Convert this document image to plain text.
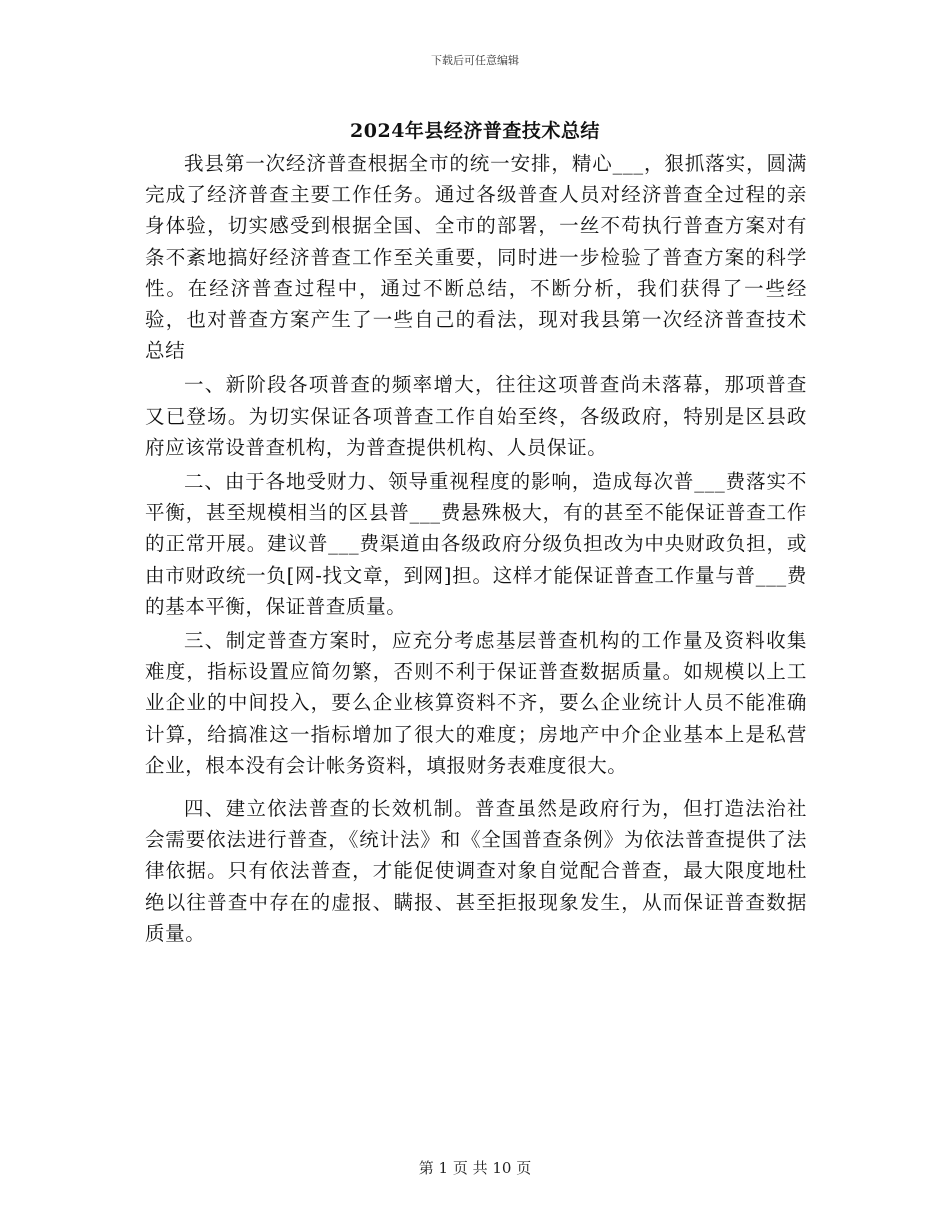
下载后可任意编辑
2024年县经济普查技术总结

我县第一次经济普查根据全市的统一安排，精心___，狠抓落实，圆满完成了经济普查主要工作任务。通过各级普查人员对经济普查全过程的亲身体验，切实感受到根据全国、全市的部署，一丝不苟执行普查方案对有条不紊地搞好经济普查工作至关重要，同时进一步检验了普查方案的科学性。在经济普查过程中，通过不断总结，不断分析，我们获得了一些经验，也对普查方案产生了一些自己的看法，现对我县第一次经济普查技术总结

一、新阶段各项普查的频率增大，往往这项普查尚未落幕，那项普查又已登场。为切实保证各项普查工作自始至终，各级政府，特别是区县政府应该常设普查机构，为普查提供机构、人员保证。

二、由于各地受财力、领导重视程度的影响，造成每次普___费落实不平衡，甚至规模相当的区县普___费悬殊极大，有的甚至不能保证普查工作的正常开展。建议普___费渠道由各级政府分级负担改为中央财政负担，或由市财政统一负[网-找文章，到网]担。这样才能保证普查工作量与普___费的基本平衡，保证普查质量。

三、制定普查方案时，应充分考虑基层普查机构的工作量及资料收集难度，指标设置应简勿繁，否则不利于保证普查数据质量。如规模以上工业企业的中间投入，要么企业核算资料不齐，要么企业统计人员不能准确计算，给搞准这一指标增加了很大的难度；房地产中介企业基本上是私营企业，根本没有会计帐务资料，填报财务表难度很大。

四、建立依法普查的长效机制。普查虽然是政府行为，但打造法治社会需要依法进行普查，《统计法》和《全国普查条例》为依法普查提供了法律依据。只有依法普查，才能促使调查对象自觉配合普查，最大限度地杜绝以往普查中存在的虚报、瞒报、甚至拒报现象发生，从而保证普查数据质量。

第 1 页 共 10 页
